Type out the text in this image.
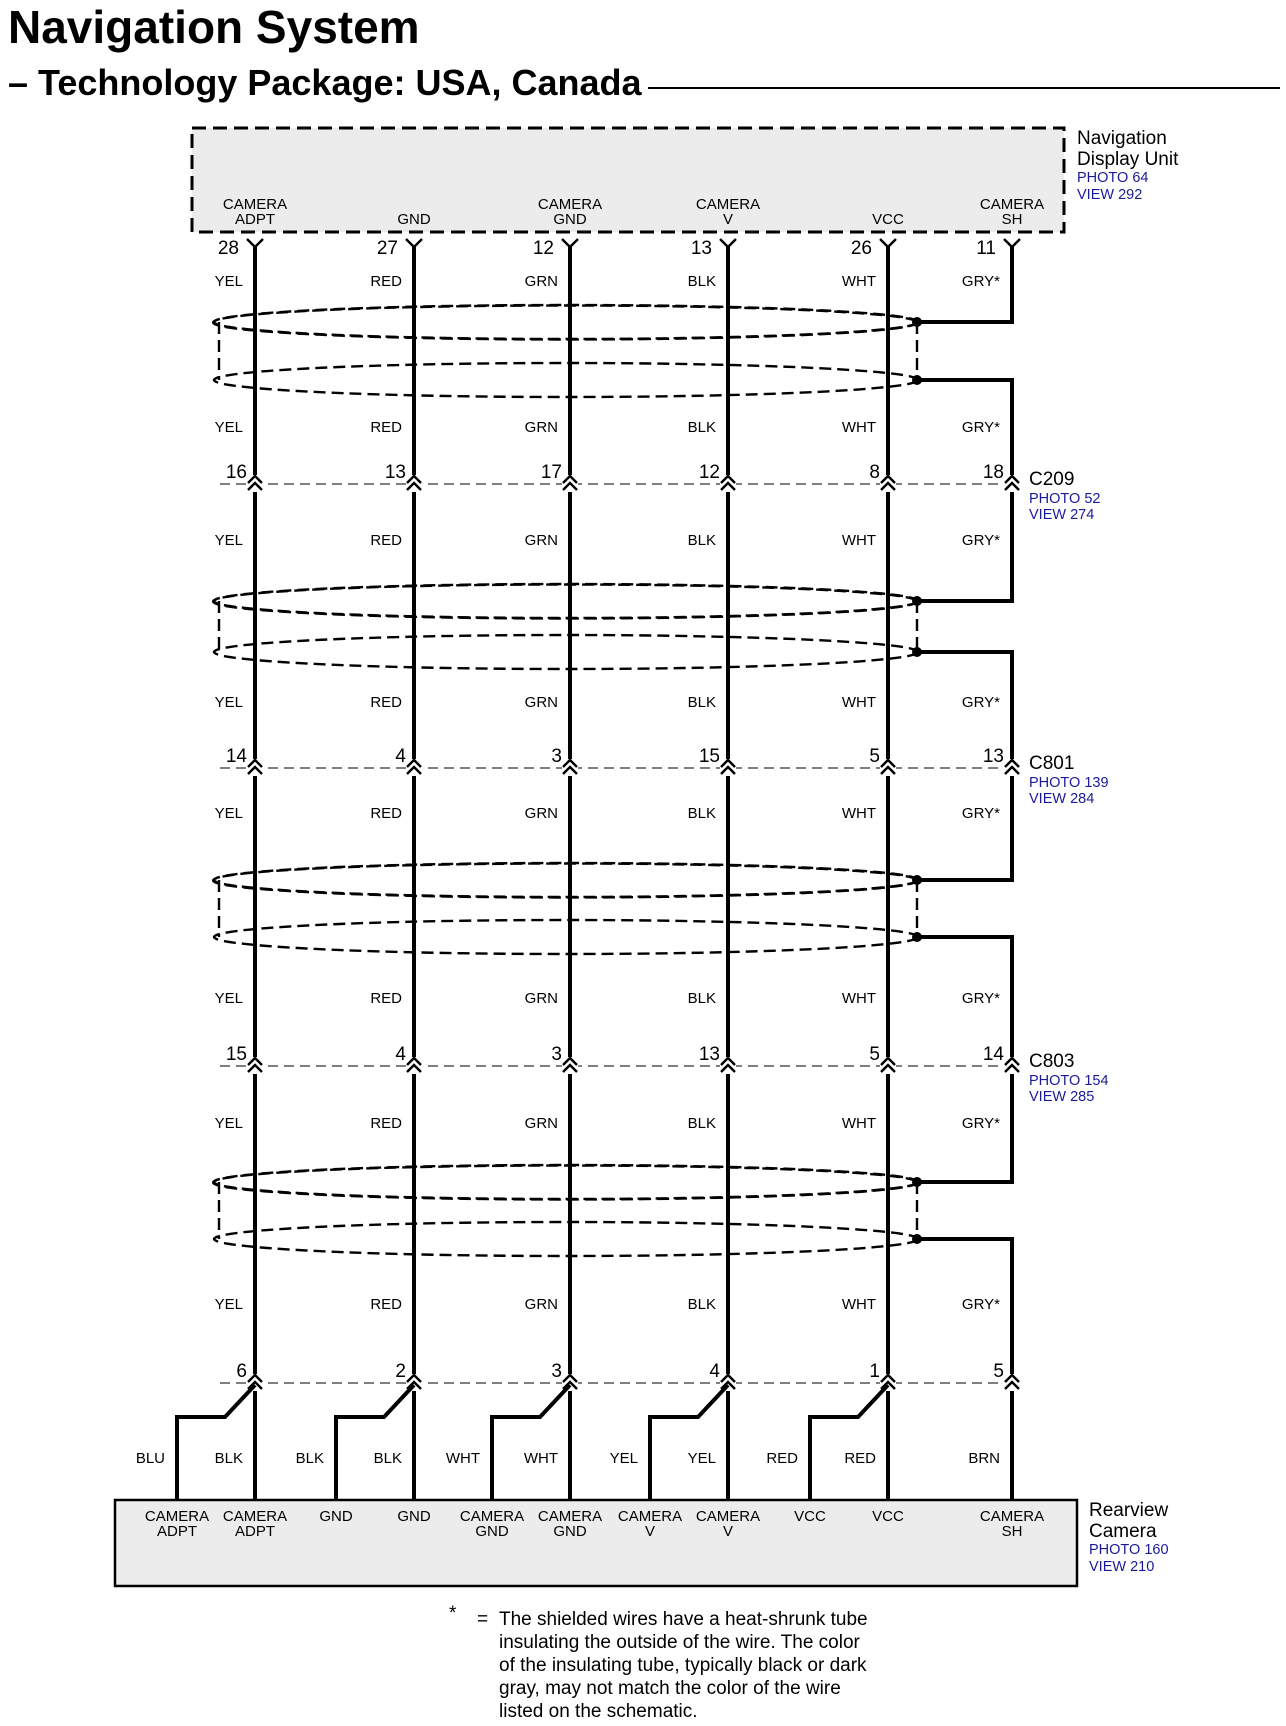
Navigation System
– Technology Package: USA, Canada
Navigation
Display Unit
PHOTO 64
VIEW 292
CAMERA
ADPT
28
GND
27
CAMERA
GND
12
CAMERA
V
13
VCC
26
CAMERA
SH
11
16	13	17	12	8	18 C209
PHOTO 52
VIEW 274
14	4	3	15	5	13 C801
PHOTO 139
VIEW 284
15	4	3	13	5	14 C803
PHOTO 154
VIEW 285
YEL	RED	GRN	BLK	WHT	GRY*
YEL	RED	GRN	BLK	WHT	GRY*
YEL	RED	GRN	BLK	WHT	GRY*
YEL	RED	GRN	BLK	WHT	GRY*
YEL	RED	GRN	BLK	WHT	GRY*
YEL	RED	GRN	BLK	WHT	GRY*
YEL	RED	GRN	BLK	WHT	GRY*
YEL	RED	GRN	BLK	WHT	GRY*
6	2	3	4	1	5
BLU	BLK	BLK	BLK	WHT	WHT	YEL	YEL	RED	RED	BRN
Rearview
Camera
PHOTO 160
VIEW 210
CAMERA
ADPT
CAMERA
ADPT
GND	GND CAMERA
GND
CAMERA
GND
CAMERA
V
CAMERA
V
VCC	VCC	CAMERA
SH
* = The shielded wires have a heat-shrunk tube insulating the outside of the wire. The color of the insulating tube, typically black or dark gray, may not match the color of the wire listed on the schematic.
